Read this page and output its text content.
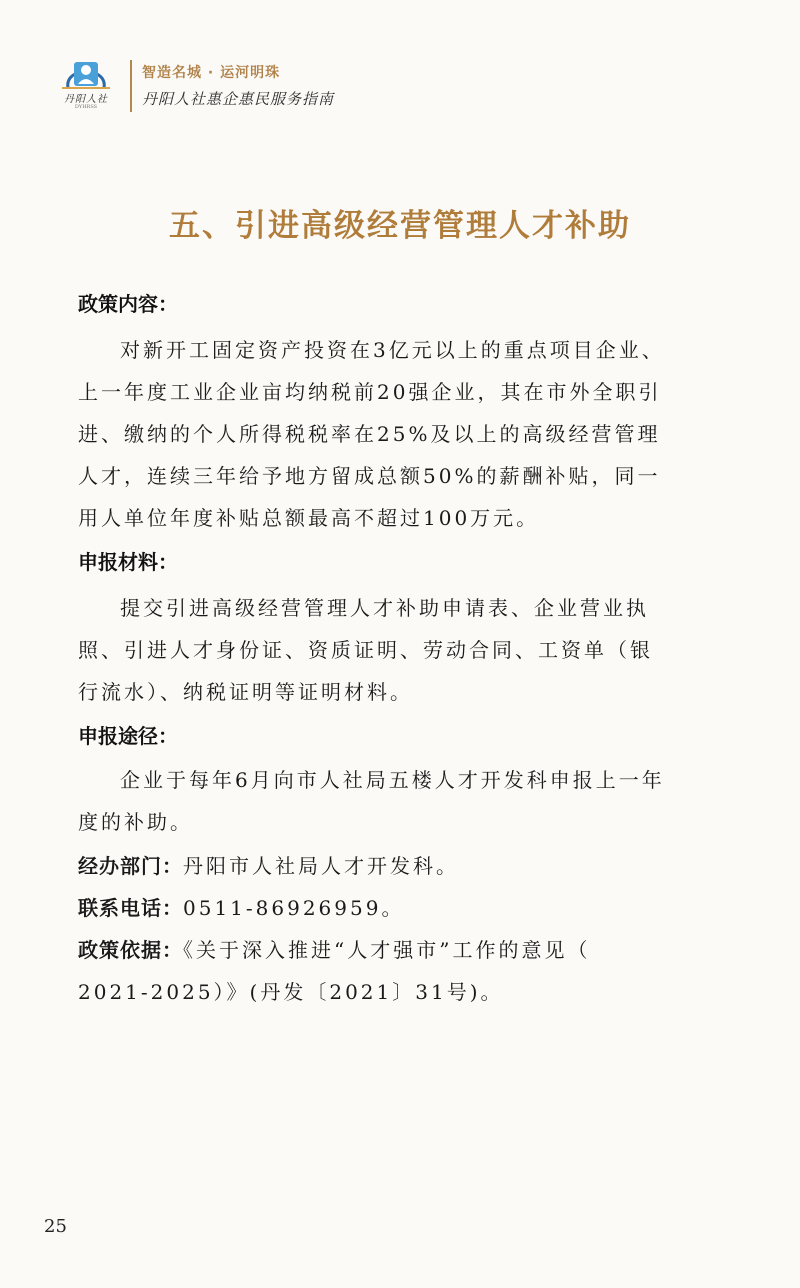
丹阳人社
DYHRSS
智造名城 · 运河明珠
丹阳人社惠企惠民服务指南
五、引进高级经营管理人才补助
政策内容：
对新开工固定资产投资在3亿元以上的重点项目企业、
上一年度工业企业亩均纳税前20强企业，其在市外全职引
进、缴纳的个人所得税税率在25%及以上的高级经营管理
人才，连续三年给予地方留成总额50%的薪酬补贴，同一
用人单位年度补贴总额最高不超过100万元。
申报材料：
提交引进高级经营管理人才补助申请表、企业营业执
照、引进人才身份证、资质证明、劳动合同、工资单（银
行流水）、纳税证明等证明材料。
申报途径：
企业于每年6月向市人社局五楼人才开发科申报上一年
度的补助。
经办部门：丹阳市人社局人才开发科。
联系电话：0511-86926959。
政策依据：《关于深入推进“人才强市”工作的意见（
2021-2025）》(丹发〔2021〕31号)。
25
